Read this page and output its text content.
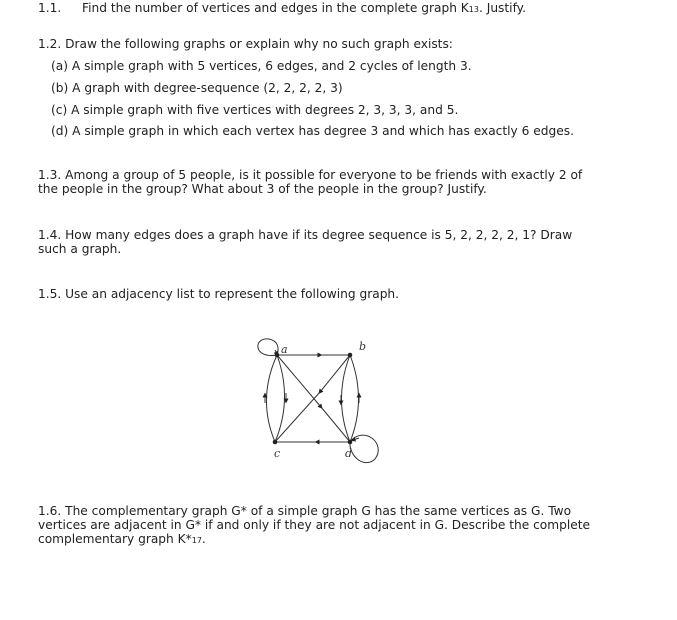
1.1. Find the number of vertices and edges in the complete graph K13. Justify.
1.2. Draw the following graphs or explain why no such graph exists:
(a) A simple graph with 5 vertices, 6 edges, and 2 cycles of length 3.
(b) A graph with degree-sequence (2, 2, 2, 2, 3)
(c) A simple graph with five vertices with degrees 2, 3, 3, 3, and 5.
(d) A simple graph in which each vertex has degree 3 and which has exactly 6 edges.
1.3. Among a group of 5 people, is it possible for everyone to be friends with exactly 2 of the people in the group? What about 3 of the people in the group? Justify.
1.4. How many edges does a graph have if its degree sequence is 5, 2, 2, 2, 2, 1? Draw such a graph.
1.5. Use an adjacency list to represent the following graph.
a	b
c	d
1.6. The complementary graph G* of a simple graph G has the same vertices as G. Two vertices are adjacent in G* if and only if they are not adjacent in G. Describe the complete complementary graph K*17.
